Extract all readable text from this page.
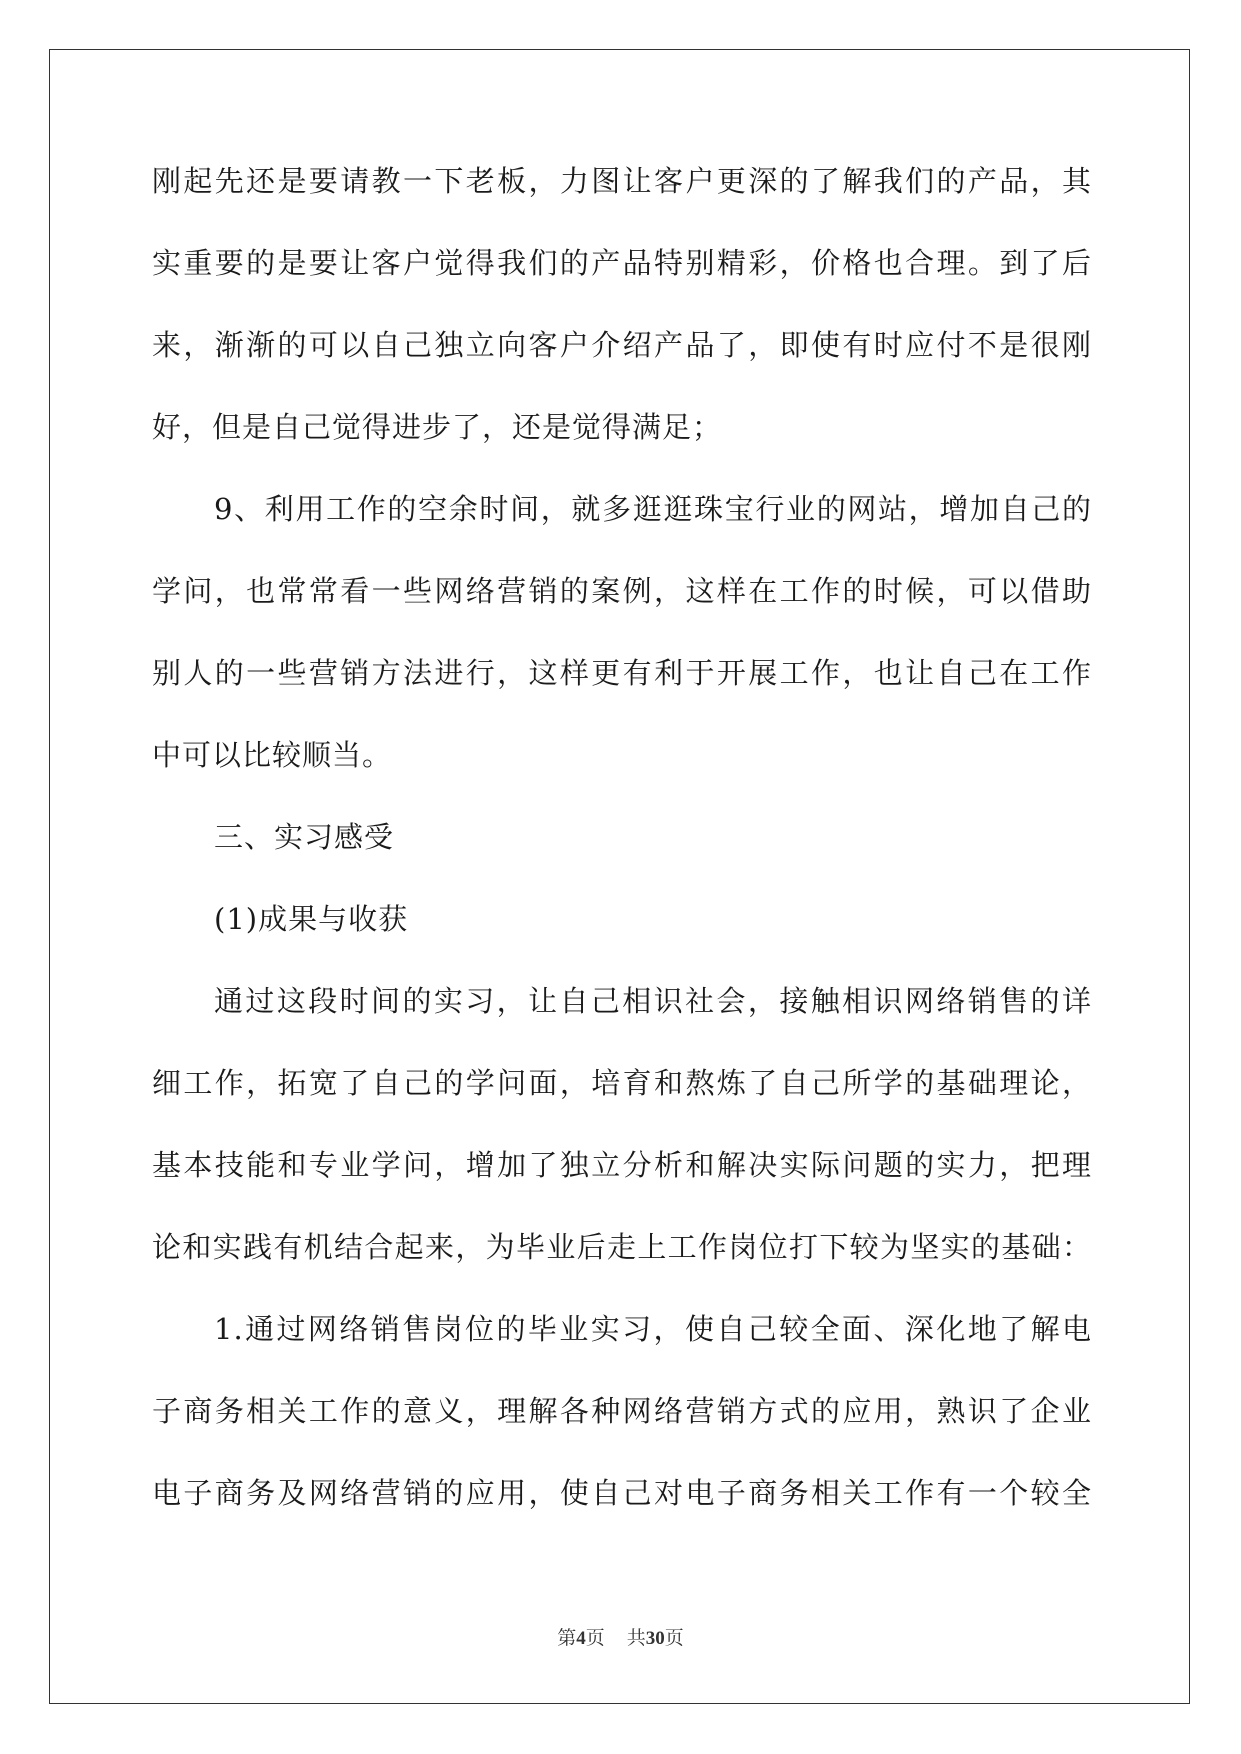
刚起先还是要请教一下老板，力图让客户更深的了解我们的产品，其
实重要的是要让客户觉得我们的产品特别精彩，价格也合理。到了后
来，渐渐的可以自己独立向客户介绍产品了，即使有时应付不是很刚
好，但是自己觉得进步了，还是觉得满足；
9、利用工作的空余时间，就多逛逛珠宝行业的网站，增加自己的
学问，也常常看一些网络营销的案例，这样在工作的时候，可以借助
别人的一些营销方法进行，这样更有利于开展工作，也让自己在工作
中可以比较顺当。
三、实习感受
(1)成果与收获
通过这段时间的实习，让自己相识社会，接触相识网络销售的详
细工作，拓宽了自己的学问面，培育和熬炼了自己所学的基础理论，
基本技能和专业学问，增加了独立分析和解决实际问题的实力，把理
论和实践有机结合起来，为毕业后走上工作岗位打下较为坚实的基础：
1.通过网络销售岗位的毕业实习，使自己较全面、深化地了解电
子商务相关工作的意义，理解各种网络营销方式的应用，熟识了企业
电子商务及网络营销的应用，使自己对电子商务相关工作有一个较全
第4页 共30页
